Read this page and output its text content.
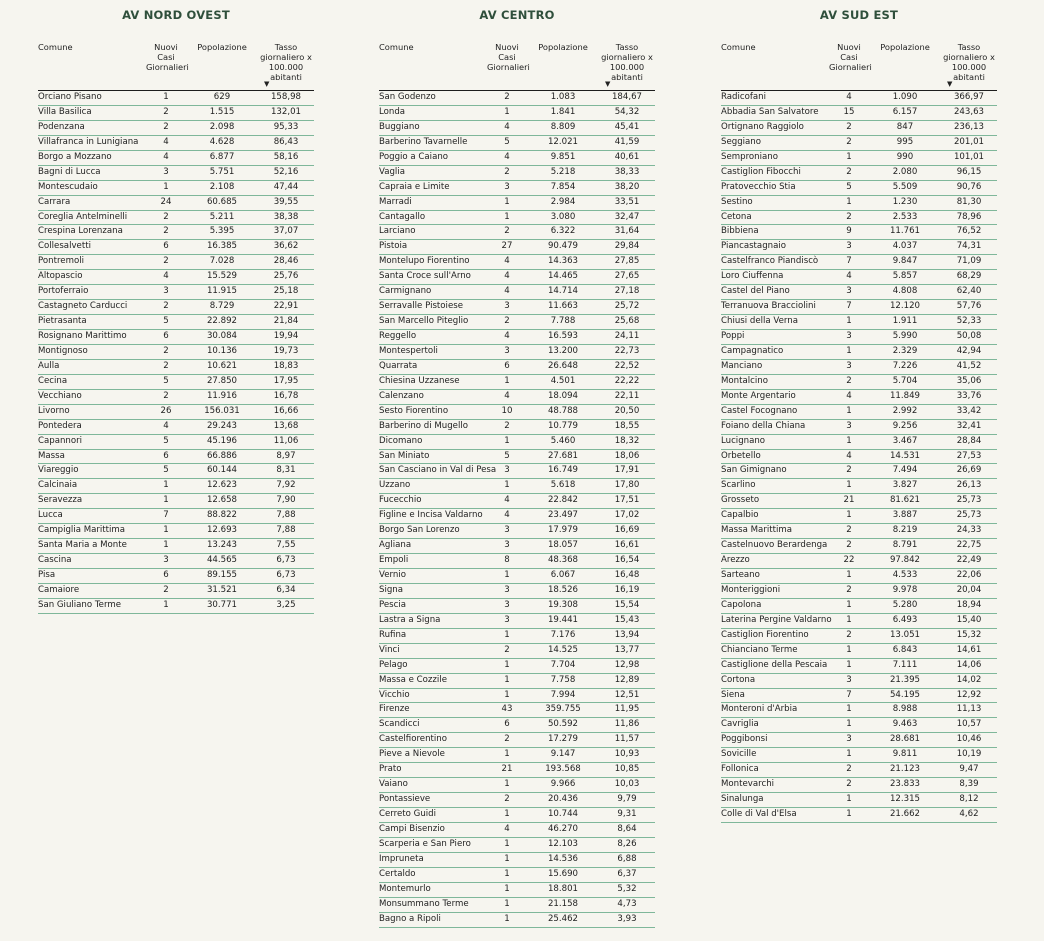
AV NORD OVEST
Comune	Nuovi Casi
Giornalieri
Popolazione	Tasso
giornaliero x
100.000
abitanti
▼
Orciano Pisano	1	629	158,98
Villa Basilica	2	1.515	132,01
Podenzana	2	2.098	95,33
Villafranca in Lunigiana	4	4.628	86,43
Borgo a Mozzano	4	6.877	58,16
Bagni di Lucca	3	5.751	52,16
Montescudaio	1	2.108	47,44
Carrara	24	60.685	39,55
Coreglia Antelminelli	2	5.211	38,38
Crespina Lorenzana	2	5.395	37,07
Collesalvetti	6	16.385	36,62
Pontremoli	2	7.028	28,46
Altopascio	4	15.529	25,76
Portoferraio	3	11.915	25,18
Castagneto Carducci	2	8.729	22,91
Pietrasanta	5	22.892	21,84
Rosignano Marittimo	6	30.084	19,94
Montignoso	2	10.136	19,73
Aulla	2	10.621	18,83
Cecina	5	27.850	17,95
Vecchiano	2	11.916	16,78
Livorno	26	156.031	16,66
Pontedera	4	29.243	13,68
Capannori	5	45.196	11,06
Massa	6	66.886	8,97
Viareggio	5	60.144	8,31
Calcinaia	1	12.623	7,92
Seravezza	1	12.658	7,90
Lucca	7	88.822	7,88
Campiglia Marittima	1	12.693	7,88
Santa Maria a Monte	1	13.243	7,55
Cascina	3	44.565	6,73
Pisa	6	89.155	6,73
Camaiore	2	31.521	6,34
San Giuliano Terme	1	30.771	3,25
AV CENTRO
Comune	Nuovi Casi
Giornalieri
Popolazione	Tasso
giornaliero x
100.000
abitanti
▼
San Godenzo	2	1.083	184,67
Londa	1	1.841	54,32
Buggiano	4	8.809	45,41
Barberino Tavarnelle	5	12.021	41,59
Poggio a Caiano	4	9.851	40,61
Vaglia	2	5.218	38,33
Capraia e Limite	3	7.854	38,20
Marradi	1	2.984	33,51
Cantagallo	1	3.080	32,47
Larciano	2	6.322	31,64
Pistoia	27	90.479	29,84
Montelupo Fiorentino	4	14.363	27,85
Santa Croce sull'Arno	4	14.465	27,65
Carmignano	4	14.714	27,18
Serravalle Pistoiese	3	11.663	25,72
San Marcello Piteglio	2	7.788	25,68
Reggello	4	16.593	24,11
Montespertoli	3	13.200	22,73
Quarrata	6	26.648	22,52
Chiesina Uzzanese	1	4.501	22,22
Calenzano	4	18.094	22,11
Sesto Fiorentino	10	48.788	20,50
Barberino di Mugello	2	10.779	18,55
Dicomano	1	5.460	18,32
San Miniato	5	27.681	18,06
San Casciano in Val di Pesa 3	16.749	17,91
Uzzano	1	5.618	17,80
Fucecchio	4	22.842	17,51
Figline e Incisa Valdarno	4	23.497	17,02
Borgo San Lorenzo	3	17.979	16,69
Agliana	3	18.057	16,61
Empoli	8	48.368	16,54
Vernio	1	6.067	16,48
Signa	3	18.526	16,19
Pescia	3	19.308	15,54
Lastra a Signa	3	19.441	15,43
Rufina	1	7.176	13,94
Vinci	2	14.525	13,77
Pelago	1	7.704	12,98
Massa e Cozzile	1	7.758	12,89
Vicchio	1	7.994	12,51
Firenze	43	359.755	11,95
Scandicci	6	50.592	11,86
Castelfiorentino	2	17.279	11,57
Pieve a Nievole	1	9.147	10,93
Prato	21	193.568	10,85
Vaiano	1	9.966	10,03
Pontassieve	2	20.436	9,79
Cerreto Guidi	1	10.744	9,31
Campi Bisenzio	4	46.270	8,64
Scarperia e San Piero	1	12.103	8,26
Impruneta	1	14.536	6,88
Certaldo	1	15.690	6,37
Montemurlo	1	18.801	5,32
Monsummano Terme	1	21.158	4,73
Bagno a Ripoli	1	25.462	3,93
AV SUD EST
Comune	Nuovi Casi
Giornalieri
Popolazione	Tasso
giornaliero x
100.000
abitanti
▼
Radicofani	4	1.090	366,97
Abbadia San Salvatore	15	6.157	243,63
Ortignano Raggiolo	2	847	236,13
Seggiano	2	995	201,01
Semproniano	1	990	101,01
Castiglion Fibocchi	2	2.080	96,15
Pratovecchio Stia	5	5.509	90,76
Sestino	1	1.230	81,30
Cetona	2	2.533	78,96
Bibbiena	9	11.761	76,52
Piancastagnaio	3	4.037	74,31
Castelfranco Piandiscò	7	9.847	71,09
Loro Ciuffenna	4	5.857	68,29
Castel del Piano	3	4.808	62,40
Terranuova Bracciolini	7	12.120	57,76
Chiusi della Verna	1	1.911	52,33
Poppi	3	5.990	50,08
Campagnatico	1	2.329	42,94
Manciano	3	7.226	41,52
Montalcino	2	5.704	35,06
Monte Argentario	4	11.849	33,76
Castel Focognano	1	2.992	33,42
Foiano della Chiana	3	9.256	32,41
Lucignano	1	3.467	28,84
Orbetello	4	14.531	27,53
San Gimignano	2	7.494	26,69
Scarlino	1	3.827	26,13
Grosseto	21	81.621	25,73
Capalbio	1	3.887	25,73
Massa Marittima	2	8.219	24,33
Castelnuovo Berardenga	2	8.791	22,75
Arezzo	22	97.842	22,49
Sarteano	1	4.533	22,06
Monteriggioni	2	9.978	20,04
Capolona	1	5.280	18,94
Laterina Pergine Valdarno	1	6.493	15,40
Castiglion Fiorentino	2	13.051	15,32
Chianciano Terme	1	6.843	14,61
Castiglione della Pescaia	1	7.111	14,06
Cortona	3	21.395	14,02
Siena	7	54.195	12,92
Monteroni d'Arbia	1	8.988	11,13
Cavriglia	1	9.463	10,57
Poggibonsi	3	28.681	10,46
Sovicille	1	9.811	10,19
Follonica	2	21.123	9,47
Montevarchi	2	23.833	8,39
Sinalunga	1	12.315	8,12
Colle di Val d'Elsa	1	21.662	4,62
